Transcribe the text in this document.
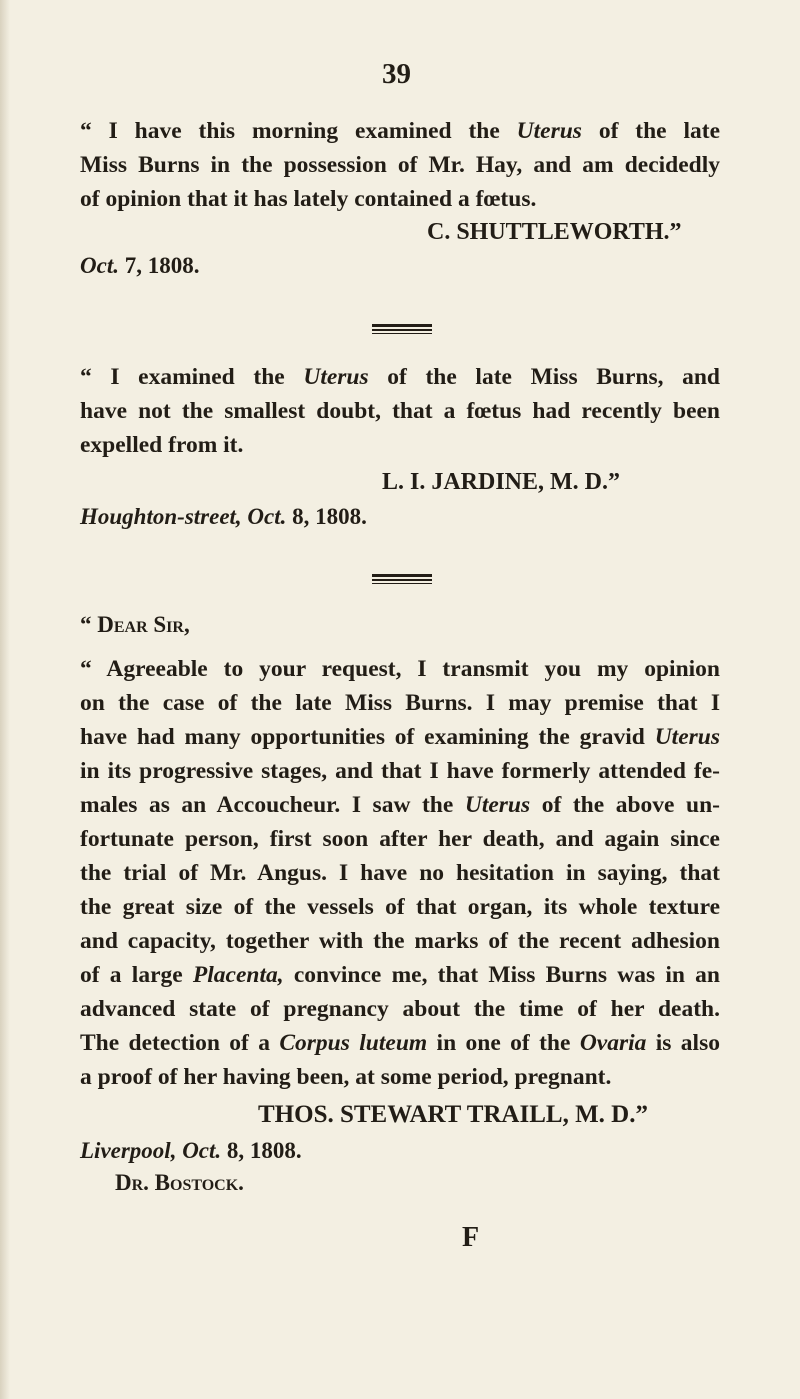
39
“ I have this morning examined the Uterus of the late
Miss Burns in the possession of Mr. Hay, and am decidedly
of opinion that it has lately contained a fœtus.
C. SHUTTLEWORTH.”
Oct. 7, 1808.
“ I examined the Uterus of the late Miss Burns, and
have not the smallest doubt, that a fœtus had recently been
expelled from it.
L. I. JARDINE, M. D.”
Houghton-street, Oct. 8, 1808.
“ Dear Sir,
“ Agreeable to your request, I transmit you my opinion
on the case of the late Miss Burns. I may premise that I
have had many opportunities of examining the gravid Uterus
in its progressive stages, and that I have formerly attended fe-
males as an Accoucheur. I saw the Uterus of the above un-
fortunate person, first soon after her death, and again since
the trial of Mr. Angus. I have no hesitation in saying, that
the great size of the vessels of that organ, its whole texture
and capacity, together with the marks of the recent adhesion
of a large Placenta, convince me, that Miss Burns was in an
advanced state of pregnancy about the time of her death.
The detection of a Corpus luteum in one of the Ovaria is also
a proof of her having been, at some period, pregnant.
THOS. STEWART TRAILL, M. D.”
Liverpool, Oct. 8, 1808.
Dr. Bostock.
F
